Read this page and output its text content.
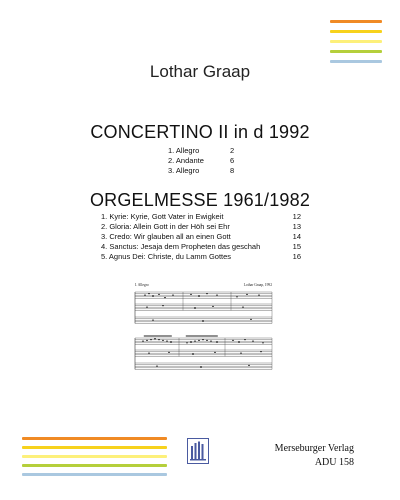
Lothar Graap
CONCERTINO II in d 1992
1. Allegro	2
2. Andante	6
3. Allegro	8
ORGELMESSE 1961/1982
1. Kyrie: Kyrie, Gott Vater in Ewigkeit	12
2. Gloria: Allein Gott in der Höh sei Ehr	13
3. Credo: Wir glauben all an einen Gott	14
4. Sanctus: Jesaja dem Propheten das geschah	15
5. Agnus Dei: Christe, du Lamm Gottes	16
I. Allegro	Lothar Graap, 1992
Merseburger Verlag
ADU 158
